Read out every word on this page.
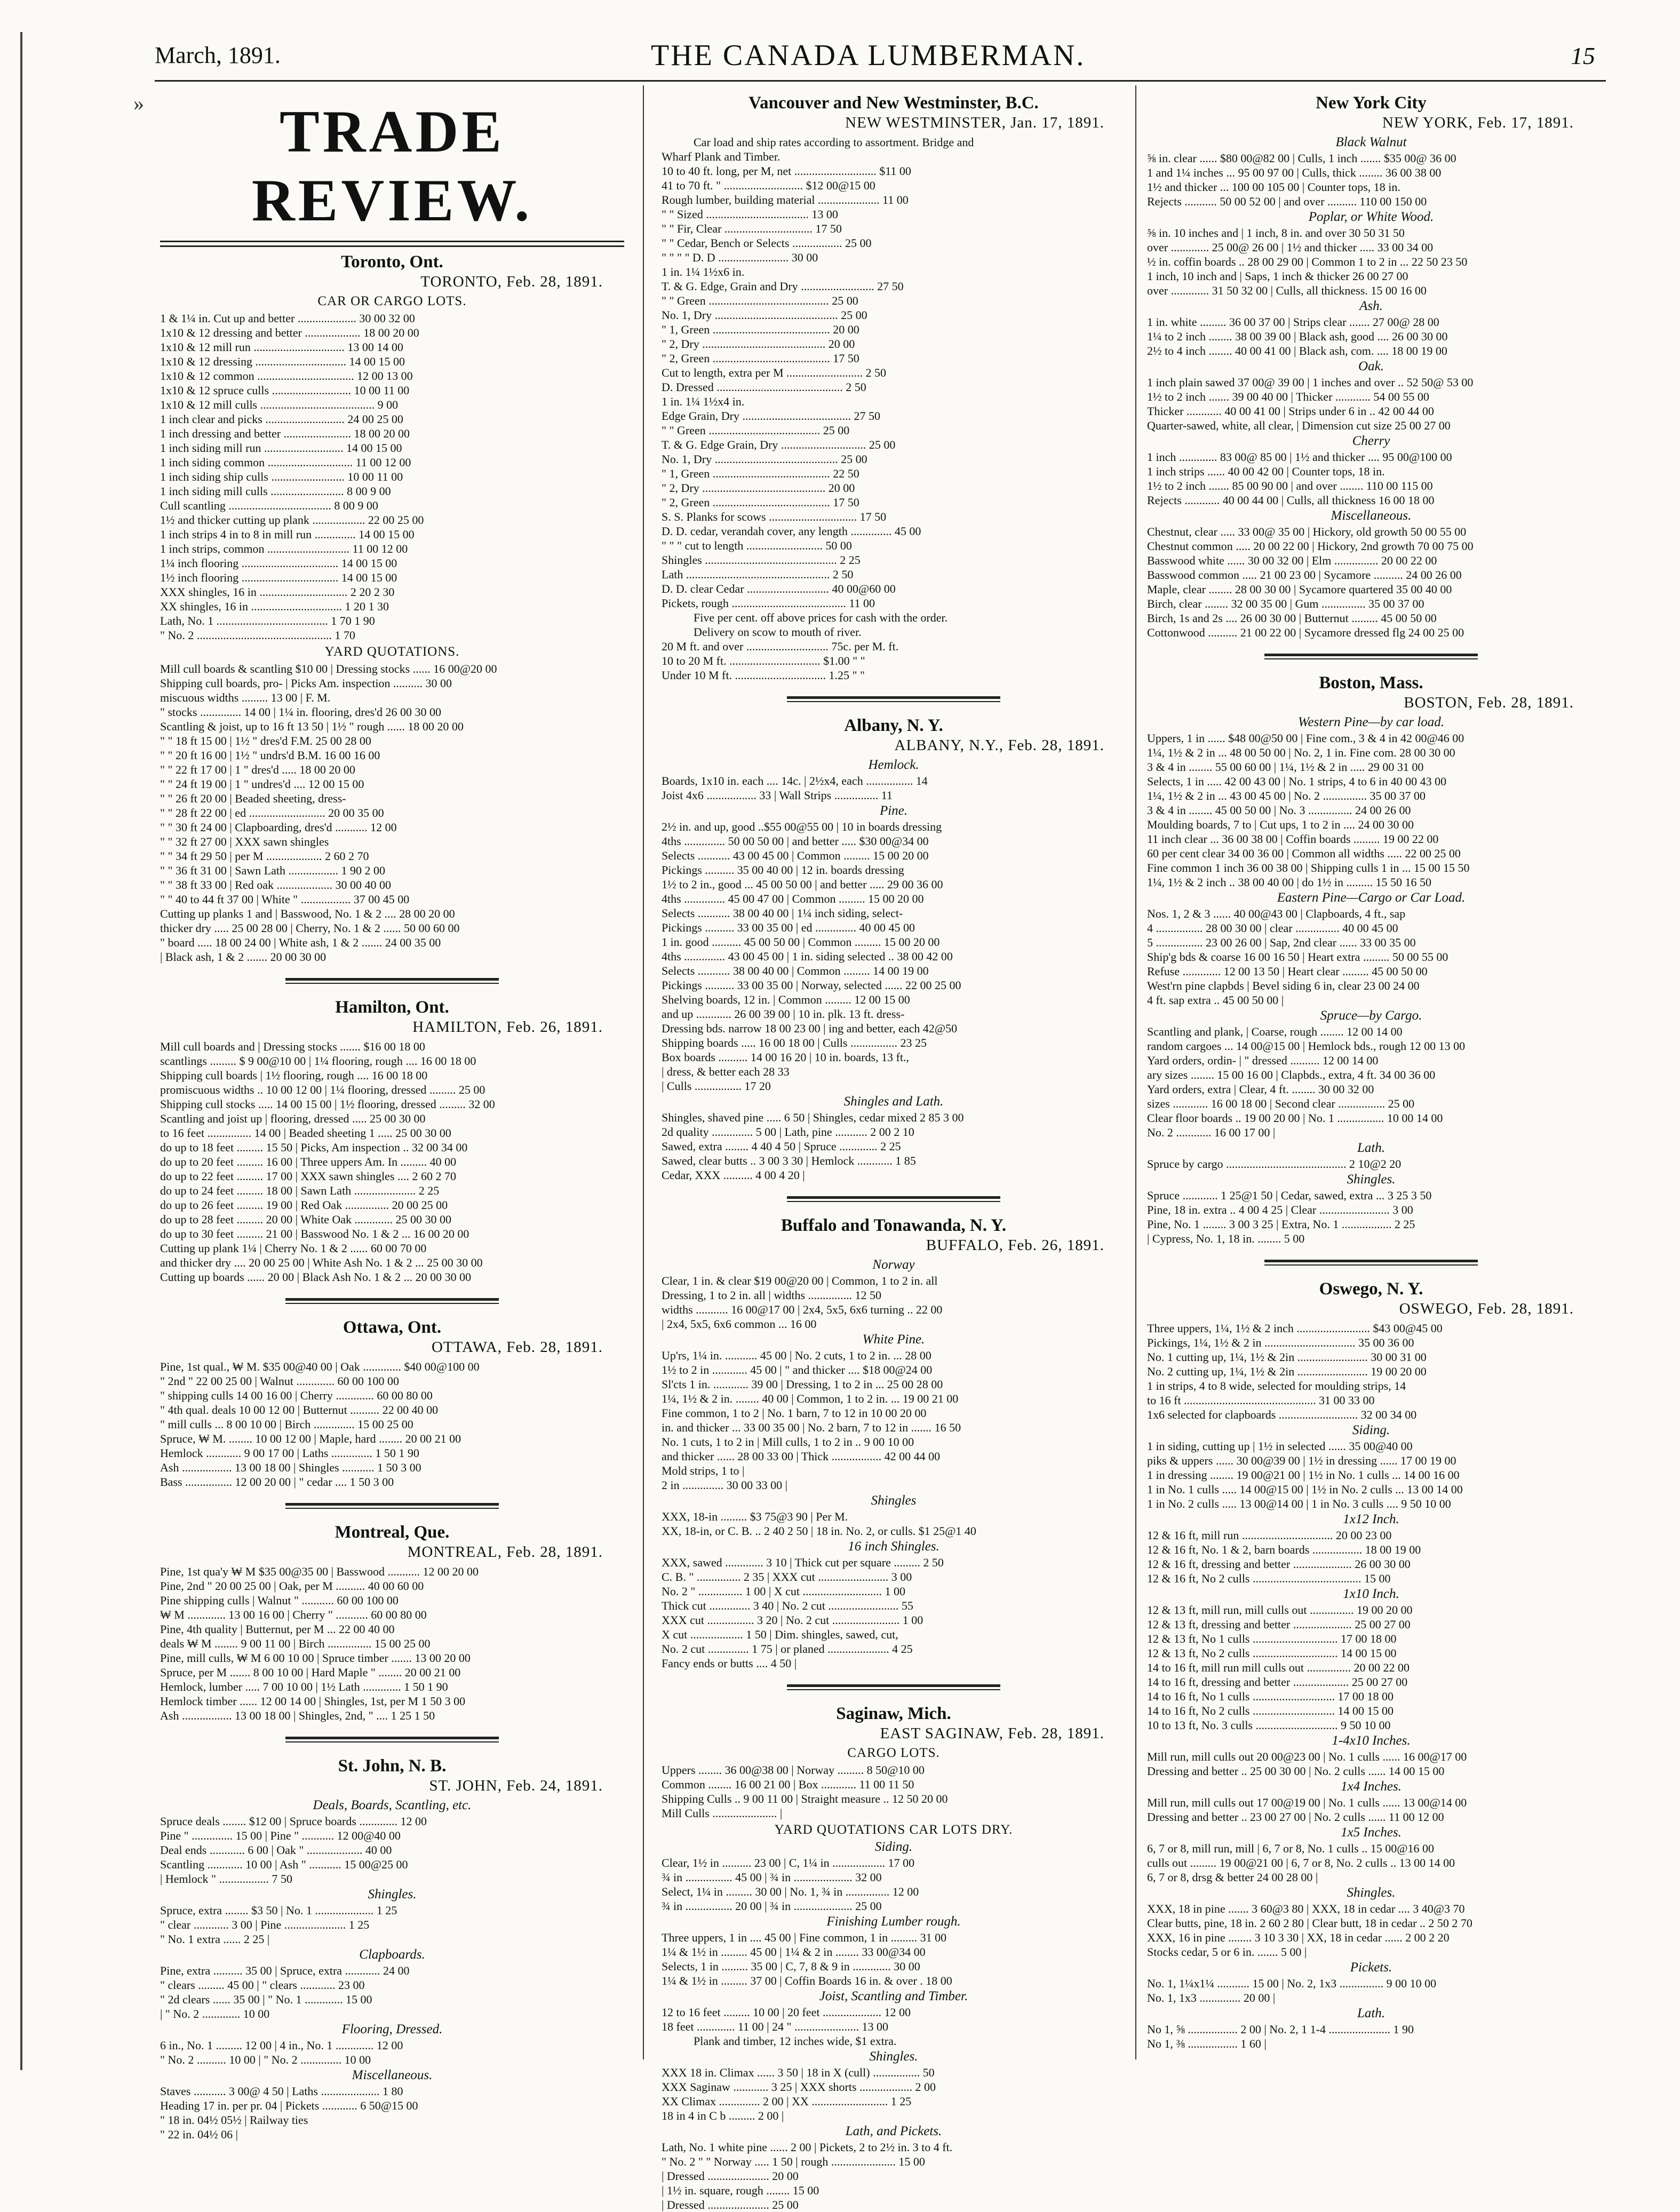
»
March, 1891.	THE CANADA LUMBERMAN.	15
TRADE REVIEW.
Toronto, Ont.
TORONTO, Feb. 28, 1891.
CAR OR CARGO LOTS.
1 & 1¼ in. Cut up and better .................... 30 00 32 00
1x10 & 12 dressing and better ................... 18 00 20 00
1x10 & 12 mill run ............................... 13 00 14 00
1x10 & 12 dressing ............................... 14 00 15 00
1x10 & 12 common ................................. 12 00 13 00
1x10 & 12 spruce culls ........................... 10 00 11 00
1x10 & 12 mill culls ....................................... 9 00
1 inch clear and picks ........................... 24 00 25 00
1 inch dressing and better ....................... 18 00 20 00
1 inch siding mill run ........................... 14 00 15 00
1 inch siding common ............................. 11 00 12 00
1 inch siding ship culls ......................... 10 00 11 00
1 inch siding mill culls ......................... 8 00 9 00
Cull scantling ................................... 8 00 9 00
1½ and thicker cutting up plank .................. 22 00 25 00
1 inch strips 4 in to 8 in mill run .............. 14 00 15 00
1 inch strips, common ............................ 11 00 12 00
1¼ inch flooring ................................. 14 00 15 00
1½ inch flooring ................................. 14 00 15 00
XXX shingles, 16 in .............................. 2 20 2 30
XX shingles, 16 in ............................... 1 20 1 30
Lath, No. 1 ...................................... 1 70 1 90
" No. 2 .............................................. 1 70
YARD QUOTATIONS.
Mill cull boards & scantling $10 00 | Dressing stocks ...... 16 00@20 00
Shipping cull boards, pro- | Picks Am. inspection .......... 30 00
miscuous widths ......... 13 00 | F. M.
" stocks .............. 14 00 | 1¼ in. flooring, dres'd 26 00 30 00
Scantling & joist, up to 16 ft 13 50 | 1½ " rough ...... 18 00 20 00
" " 18 ft 15 00 | 1½ " dres'd F.M. 25 00 28 00
" " 20 ft 16 00 | 1½ " undrs'd B.M. 16 00 16 00
" " 22 ft 17 00 | 1 " dres'd ..... 18 00 20 00
" " 24 ft 19 00 | 1 " undres'd .... 12 00 15 00
" " 26 ft 20 00 | Beaded sheeting, dress-
" " 28 ft 22 00 | ed .......................... 20 00 35 00
" " 30 ft 24 00 | Clapboarding, dres'd ........... 12 00
" " 32 ft 27 00 | XXX sawn shingles
" " 34 ft 29 50 | per M ................... 2 60 2 70
" " 36 ft 31 00 | Sawn Lath ................. 1 90 2 00
" " 38 ft 33 00 | Red oak ................... 30 00 40 00
" " 40 to 44 ft 37 00 | White " ................. 37 00 45 00
Cutting up planks 1 and | Basswood, No. 1 & 2 .... 28 00 20 00
thicker dry ..... 25 00 28 00 | Cherry, No. 1 & 2 ...... 50 00 60 00
" board ..... 18 00 24 00 | White ash, 1 & 2 ....... 24 00 35 00
| Black ash, 1 & 2 ....... 20 00 30 00
Hamilton, Ont.
HAMILTON, Feb. 26, 1891.
Mill cull boards and | Dressing stocks ....... $16 00 18 00
scantlings ......... $ 9 00@10 00 | 1¼ flooring, rough .... 16 00 18 00
Shipping cull boards | 1½ flooring, rough .... 16 00 18 00
promiscuous widths .. 10 00 12 00 | 1¼ flooring, dressed ......... 25 00
Shipping cull stocks ..... 14 00 15 00 | 1½ flooring, dressed ......... 32 00
Scantling and joist up | flooring, dressed ..... 25 00 30 00
to 16 feet ............... 14 00 | Beaded sheeting 1 ..... 25 00 30 00
do up to 18 feet ......... 15 50 | Picks, Am inspection .. 32 00 34 00
do up to 20 feet ......... 16 00 | Three uppers Am. In ......... 40 00
do up to 22 feet ......... 17 00 | XXX sawn shingles .... 2 60 2 70
do up to 24 feet ......... 18 00 | Sawn Lath ..................... 2 25
do up to 26 feet ......... 19 00 | Red Oak ............... 20 00 25 00
do up to 28 feet ......... 20 00 | White Oak ............. 25 00 30 00
do up to 30 feet ......... 21 00 | Basswood No. 1 & 2 ... 16 00 20 00
Cutting up plank 1¼ | Cherry No. 1 & 2 ...... 60 00 70 00
and thicker dry .... 20 00 25 00 | White Ash No. 1 & 2 ... 25 00 30 00
Cutting up boards ...... 20 00 | Black Ash No. 1 & 2 ... 20 00 30 00
Ottawa, Ont.
OTTAWA, Feb. 28, 1891.
Pine, 1st qual., ₩ M. $35 00@40 00 | Oak ............. $40 00@100 00
" 2nd " 22 00 25 00 | Walnut ............. 60 00 100 00
" shipping culls 14 00 16 00 | Cherry ............. 60 00 80 00
" 4th qual. deals 10 00 12 00 | Butternut .......... 22 00 40 00
" mill culls ... 8 00 10 00 | Birch .............. 15 00 25 00
Spruce, ₩ M. ........ 10 00 12 00 | Maple, hard ........ 20 00 21 00
Hemlock ............ 9 00 17 00 | Laths .............. 1 50 1 90
Ash ................. 13 00 18 00 | Shingles ........... 1 50 3 00
Bass ................ 12 00 20 00 | " cedar .... 1 50 3 00
Montreal, Que.
MONTREAL, Feb. 28, 1891.
Pine, 1st qua'y ₩ M $35 00@35 00 | Basswood ........... 12 00 20 00
Pine, 2nd " 20 00 25 00 | Oak, per M .......... 40 00 60 00
Pine shipping culls | Walnut " ........... 60 00 100 00
₩ M ............. 13 00 16 00 | Cherry " ........... 60 00 80 00
Pine, 4th quality | Butternut, per M ... 22 00 40 00
deals ₩ M ........ 9 00 11 00 | Birch ............... 15 00 25 00
Pine, mill culls, ₩ M 6 00 10 00 | Spruce timber ....... 13 00 20 00
Spruce, per M ....... 8 00 10 00 | Hard Maple " ........ 20 00 21 00
Hemlock, lumber ..... 7 00 10 00 | 1½ Lath ............. 1 50 1 90
Hemlock timber ...... 12 00 14 00 | Shingles, 1st, per M 1 50 3 00
Ash ................. 13 00 18 00 | Shingles, 2nd, " .... 1 25 1 50
St. John, N. B.
ST. JOHN, Feb. 24, 1891.
Deals, Boards, Scantling, etc.
Spruce deals ........ $12 00 | Spruce boards ............. 12 00
Pine " .............. 15 00 | Pine " ........... 12 00@40 00
Deal ends ............ 6 00 | Oak " ................... 40 00
Scantling ............ 10 00 | Ash " ........... 15 00@25 00
| Hemlock " ................. 7 50
Shingles.
Spruce, extra ........ $3 50 | No. 1 .................... 1 25
" clear ............ 3 00 | Pine ..................... 1 25
" No. 1 extra ...... 2 25 |
Clapboards.
Pine, extra .......... 35 00 | Spruce, extra ............ 24 00
" clears ......... 45 00 | " clears ............ 23 00
" 2d clears ...... 35 00 | " No. 1 ............. 15 00
| " No. 2 ............. 10 00
Flooring, Dressed.
6 in., No. 1 ......... 12 00 | 4 in., No. 1 ............. 12 00
" No. 2 .......... 10 00 | " No. 2 .............. 10 00
Miscellaneous.
Staves ........... 3 00@ 4 50 | Laths .................... 1 80
Heading 17 in. per pr. 04 | Pickets ............ 6 50@15 00
" 18 in. 04½ 05½ | Railway ties
" 22 in. 04½ 06 |
Vancouver and New Westminster, B.C.
NEW WESTMINSTER, Jan. 17, 1891.
Car load and ship rates according to assortment. Bridge and
Wharf Plank and Timber.
10 to 40 ft. long, per M, net ............................ $11 00
41 to 70 ft. " ........................... $12 00@15 00
Rough lumber, building material ..................... 11 00
" " Sized ................................... 13 00
" " Fir, Clear .............................. 17 50
" " Cedar, Bench or Selects ................. 25 00
" " " " D. D ........................ 30 00
1 in. 1¼ 1½x6 in.
T. & G. Edge, Grain and Dry ......................... 27 50
" " Green ......................................... 25 00
No. 1, Dry .......................................... 25 00
" 1, Green ........................................ 20 00
" 2, Dry .......................................... 20 00
" 2, Green ........................................ 17 50
Cut to length, extra per M .......................... 2 50
D. Dressed ........................................... 2 50
1 in. 1¼ 1½x4 in.
Edge Grain, Dry ..................................... 27 50
" " Green ...................................... 25 00
T. & G. Edge Grain, Dry ............................. 25 00
No. 1, Dry .......................................... 25 00
" 1, Green ........................................ 22 50
" 2, Dry .......................................... 20 00
" 2, Green ........................................ 17 50
S. S. Planks for scows .............................. 17 50
D. D. cedar, verandah cover, any length .............. 45 00
" " " cut to length .......................... 50 00
Shingles ............................................. 2 25
Lath ................................................. 2 50
D. D. clear Cedar ............................ 40 00@60 00
Pickets, rough ....................................... 11 00
Five per cent. off above prices for cash with the order.
Delivery on scow to mouth of river.
20 M ft. and over ............................ 75c. per M. ft.
10 to 20 M ft. ............................... $1.00 " "
Under 10 M ft. ............................... 1.25 " "
Albany, N. Y.
ALBANY, N.Y., Feb. 28, 1891.
Hemlock.
Boards, 1x10 in. each .... 14c. | 2½x4, each ................ 14
Joist 4x6 ................. 33 | Wall Strips ............... 11
Pine.
2½ in. and up, good ..$55 00@55 00 | 10 in boards dressing
4ths .............. 50 00 50 00 | and better ..... $30 00@34 00
Selects ........... 43 00 45 00 | Common ......... 15 00 20 00
Pickings .......... 35 00 40 00 | 12 in. boards dressing
1½ to 2 in., good ... 45 00 50 00 | and better ..... 29 00 36 00
4ths .............. 45 00 47 00 | Common ......... 15 00 20 00
Selects ........... 38 00 40 00 | 1¼ inch siding, select-
Pickings .......... 33 00 35 00 | ed .............. 40 00 45 00
1 in. good .......... 45 00 50 00 | Common ......... 15 00 20 00
4ths .............. 43 00 45 00 | 1 in. siding selected .. 38 00 42 00
Selects ........... 38 00 40 00 | Common ......... 14 00 19 00
Pickings .......... 33 00 35 00 | Norway, selected ...... 22 00 25 00
Shelving boards, 12 in. | Common ......... 12 00 15 00
and up ............ 26 00 39 00 | 10 in. plk. 13 ft. dress-
Dressing bds. narrow 18 00 23 00 | ing and better, each 42@50
Shipping boards ..... 16 00 18 00 | Culls ................ 23 25
Box boards .......... 14 00 16 20 | 10 in. boards, 13 ft.,
| dress, & better each 28 33
| Culls ................ 17 20
Shingles and Lath.
Shingles, shaved pine ..... 6 50 | Shingles, cedar mixed 2 85 3 00
2d quality .............. 5 00 | Lath, pine ........... 2 00 2 10
Sawed, extra ........ 4 40 4 50 | Spruce ............. 2 25
Sawed, clear butts .. 3 00 3 30 | Hemlock ............ 1 85
Cedar, XXX .......... 4 00 4 20 |
Buffalo and Tonawanda, N. Y.
BUFFALO, Feb. 26, 1891.
Norway
Clear, 1 in. & clear $19 00@20 00 | Common, 1 to 2 in. all
Dressing, 1 to 2 in. all | widths ............... 12 50
widths ........... 16 00@17 00 | 2x4, 5x5, 6x6 turning .. 22 00
| 2x4, 5x5, 6x6 common ... 16 00
White Pine.
Up'rs, 1¼ in. ........... 45 00 | No. 2 cuts, 1 to 2 in. ... 28 00
1½ to 2 in ............ 45 00 | " and thicker .... $18 00@24 00
Sl'cts 1 in. ............ 39 00 | Dressing, 1 to 2 in ... 25 00 28 00
1¼, 1½ & 2 in. ........ 40 00 | Common, 1 to 2 in. ... 19 00 21 00
Fine common, 1 to 2 | No. 1 barn, 7 to 12 in 10 00 20 00
in. and thicker ... 33 00 35 00 | No. 2 barn, 7 to 12 in ....... 16 50
No. 1 cuts, 1 to 2 in | Mill culls, 1 to 2 in .. 9 00 10 00
and thicker ...... 28 00 33 00 | Thick ................. 42 00 44 00
Mold strips, 1 to |
2 in .............. 30 00 33 00 |
Shingles
XXX, 18-in ......... $3 75@3 90 | Per M.
XX, 18-in, or C. B. .. 2 40 2 50 | 18 in. No. 2, or culls. $1 25@1 40
16 inch Shingles.
XXX, sawed ............. 3 10 | Thick cut per square ......... 2 50
C. B. " ............... 2 35 | XXX cut ........................ 3 00
No. 2 " ............... 1 00 | X cut ........................... 1 00
Thick cut .............. 3 40 | No. 2 cut ........................ 55
XXX cut ................ 3 20 | No. 2 cut ....................... 1 00
X cut .................. 1 50 | Dim. shingles, sawed, cut,
No. 2 cut .............. 1 75 | or planed ..................... 4 25
Fancy ends or butts .... 4 50 |
Saginaw, Mich.
EAST SAGINAW, Feb. 28, 1891.
CARGO LOTS.
Uppers ........ 36 00@38 00 | Norway ......... 8 50@10 00
Common ........ 16 00 21 00 | Box ............ 11 00 11 50
Shipping Culls .. 9 00 11 00 | Straight measure .. 12 50 20 00
Mill Culls ...................... |
YARD QUOTATIONS CAR LOTS DRY.
Siding.
Clear, 1½ in .......... 23 00 | C, 1¼ in .................. 17 00
¾ in ................ 45 00 | ¾ in .................... 32 00
Select, 1¼ in ......... 30 00 | No. 1, ¾ in ............... 12 00
¾ in ................ 20 00 | ¾ in .................... 25 00
Finishing Lumber rough.
Three uppers, 1 in .... 45 00 | Fine common, 1 in ......... 31 00
1¼ & 1½ in ......... 45 00 | 1¼ & 2 in ........ 33 00@34 00
Selects, 1 in ......... 35 00 | C, 7, 8 & 9 in ............. 30 00
1¼ & 1½ in ......... 37 00 | Coffin Boards 16 in. & over . 18 00
Joist, Scantling and Timber.
12 to 16 feet ......... 10 00 | 20 feet .................... 12 00
18 feet ............. 11 00 | 24 " ...................... 13 00
Plank and timber, 12 inches wide, $1 extra.
Shingles.
XXX 18 in. Climax ...... 3 50 | 18 in X (cull) ................ 50
XXX Saginaw ............ 3 25 | XXX shorts .................. 2 00
XX Climax .............. 2 00 | XX .......................... 1 25
18 in 4 in C b ......... 2 00 |
Lath, and Pickets.
Lath, No. 1 white pine ...... 2 00 | Pickets, 2 to 2½ in. 3 to 4 ft.
" No. 2 " " Norway ..... 1 50 | rough ...................... 15 00
| Dressed ..................... 20 00
| 1½ in. square, rough ........ 15 00
| Dressed ..................... 25 00
New York City
NEW YORK, Feb. 17, 1891.
Black Walnut
⅝ in. clear ...... $80 00@82 00 | Culls, 1 inch ....... $35 00@ 36 00
1 and 1¼ inches ... 95 00 97 00 | Culls, thick ........ 36 00 38 00
1½ and thicker ... 100 00 105 00 | Counter tops, 18 in.
Rejects ........... 50 00 52 00 | and over .......... 110 00 150 00
Poplar, or White Wood.
⅝ in. 10 inches and | 1 inch, 8 in. and over 30 50 31 50
over ............. 25 00@ 26 00 | 1½ and thicker ..... 33 00 34 00
½ in. coffin boards .. 28 00 29 00 | Common 1 to 2 in ... 22 50 23 50
1 inch, 10 inch and | Saps, 1 inch & thicker 26 00 27 00
over ............. 31 50 32 00 | Culls, all thickness. 15 00 16 00
Ash.
1 in. white ......... 36 00 37 00 | Strips clear ....... 27 00@ 28 00
1¼ to 2 inch ........ 38 00 39 00 | Black ash, good .... 26 00 30 00
2½ to 4 inch ........ 40 00 41 00 | Black ash, com. .... 18 00 19 00
Oak.
1 inch plain sawed 37 00@ 39 00 | 1 inches and over .. 52 50@ 53 00
1½ to 2 inch ....... 39 00 40 00 | Thicker ............ 54 00 55 00
Thicker ............ 40 00 41 00 | Strips under 6 in .. 42 00 44 00
Quarter-sawed, white, all clear, | Dimension cut size 25 00 27 00
Cherry
1 inch ............. 83 00@ 85 00 | 1½ and thicker .... 95 00@100 00
1 inch strips ...... 40 00 42 00 | Counter tops, 18 in.
1½ to 2 inch ....... 85 00 90 00 | and over ........ 110 00 115 00
Rejects ............ 40 00 44 00 | Culls, all thickness 16 00 18 00
Miscellaneous.
Chestnut, clear ..... 33 00@ 35 00 | Hickory, old growth 50 00 55 00
Chestnut common ..... 20 00 22 00 | Hickory, 2nd growth 70 00 75 00
Basswood white ...... 30 00 32 00 | Elm ............... 20 00 22 00
Basswood common ..... 21 00 23 00 | Sycamore .......... 24 00 26 00
Maple, clear ........ 28 00 30 00 | Sycamore quartered 35 00 40 00
Birch, clear ........ 32 00 35 00 | Gum ............... 35 00 37 00
Birch, 1s and 2s .... 26 00 30 00 | Butternut ......... 45 00 50 00
Cottonwood .......... 21 00 22 00 | Sycamore dressed flg 24 00 25 00
Boston, Mass.
BOSTON, Feb. 28, 1891.
Western Pine—by car load.
Uppers, 1 in ...... $48 00@50 00 | Fine com., 3 & 4 in 42 00@46 00
1¼, 1½ & 2 in ... 48 00 50 00 | No. 2, 1 in. Fine com. 28 00 30 00
3 & 4 in ........ 55 00 60 00 | 1¼, 1½ & 2 in ..... 29 00 31 00
Selects, 1 in ..... 42 00 43 00 | No. 1 strips, 4 to 6 in 40 00 43 00
1¼, 1½ & 2 in ... 43 00 45 00 | No. 2 ............... 35 00 37 00
3 & 4 in ........ 45 00 50 00 | No. 3 ............... 24 00 26 00
Moulding boards, 7 to | Cut ups, 1 to 2 in .... 24 00 30 00
11 inch clear ... 36 00 38 00 | Coffin boards ......... 19 00 22 00
60 per cent clear 34 00 36 00 | Common all widths ..... 22 00 25 00
Fine common 1 inch 36 00 38 00 | Shipping culls 1 in ... 15 00 15 50
1¼, 1½ & 2 inch .. 38 00 40 00 | do 1½ in ......... 15 50 16 50
Eastern Pine—Cargo or Car Load.
Nos. 1, 2 & 3 ...... 40 00@43 00 | Clapboards, 4 ft., sap
4 ................ 28 00 30 00 | clear ............... 40 00 45 00
5 ................ 23 00 26 00 | Sap, 2nd clear ...... 33 00 35 00
Ship'g bds & coarse 16 00 16 50 | Heart extra ......... 50 00 55 00
Refuse ............. 12 00 13 50 | Heart clear ......... 45 00 50 00
West'rn pine clapbds | Bevel siding 6 in, clear 23 00 24 00
4 ft. sap extra .. 45 00 50 00 |
Spruce—by Cargo.
Scantling and plank, | Coarse, rough ........ 12 00 14 00
random cargoes ... 14 00@15 00 | Hemlock bds., rough 12 00 13 00
Yard orders, ordin- | " dressed .......... 12 00 14 00
ary sizes ........ 15 00 16 00 | Clapbds., extra, 4 ft. 34 00 36 00
Yard orders, extra | Clear, 4 ft. ........ 30 00 32 00
sizes ............ 16 00 18 00 | Second clear ................ 25 00
Clear floor boards .. 19 00 20 00 | No. 1 ................ 10 00 14 00
No. 2 ............ 16 00 17 00 |
Lath.
Spruce by cargo ......................................... 2 10@2 20
Shingles.
Spruce ............ 1 25@1 50 | Cedar, sawed, extra ... 3 25 3 50
Pine, 18 in. extra .. 4 00 4 25 | Clear ........................ 3 00
Pine, No. 1 ........ 3 00 3 25 | Extra, No. 1 ................. 2 25
| Cypress, No. 1, 18 in. ........ 5 00
Oswego, N. Y.
OSWEGO, Feb. 28, 1891.
Three uppers, 1¼, 1½ & 2 inch ......................... $43 00@45 00
Pickings, 1¼, 1½ & 2 in ............................... 35 00 36 00
No. 1 cutting up, 1¼, 1½ & 2in ........................ 30 00 31 00
No. 2 cutting up, 1¼, 1½ & 2in ........................ 19 00 20 00
1 in strips, 4 to 8 wide, selected for moulding strips, 14
to 16 ft ............................................. 31 00 33 00
1x6 selected for clapboards ........................... 32 00 34 00
Siding.
1 in siding, cutting up | 1½ in selected ...... 35 00@40 00
piks & uppers ...... 30 00@39 00 | 1½ in dressing ...... 17 00 19 00
1 in dressing ........ 19 00@21 00 | 1½ in No. 1 culls ... 14 00 16 00
1 in No. 1 culls ..... 14 00@15 00 | 1½ in No. 2 culls ... 13 00 14 00
1 in No. 2 culls ..... 13 00@14 00 | 1 in No. 3 culls .... 9 50 10 00
1x12 Inch.
12 & 16 ft, mill run ............................... 20 00 23 00
12 & 16 ft, No. 1 & 2, barn boards ................. 18 00 19 00
12 & 16 ft, dressing and better .................... 26 00 30 00
12 & 16 ft, No 2 culls ..................................... 15 00
1x10 Inch.
12 & 13 ft, mill run, mill culls out ............... 19 00 20 00
12 & 13 ft, dressing and better .................... 25 00 27 00
12 & 13 ft, No 1 culls ............................. 17 00 18 00
12 & 13 ft, No 2 culls ............................. 14 00 15 00
14 to 16 ft, mill run mill culls out ............... 20 00 22 00
14 to 16 ft, dressing and better ................... 25 00 27 00
14 to 16 ft, No 1 culls ............................ 17 00 18 00
14 to 16 ft, No 2 culls ............................ 14 00 15 00
10 to 13 ft, No. 3 culls ............................ 9 50 10 00
1-4x10 Inches.
Mill run, mill culls out 20 00@23 00 | No. 1 culls ...... 16 00@17 00
Dressing and better .. 25 00 30 00 | No. 2 culls ...... 14 00 15 00
1x4 Inches.
Mill run, mill culls out 17 00@19 00 | No. 1 culls ...... 13 00@14 00
Dressing and better .. 23 00 27 00 | No. 2 culls ...... 11 00 12 00
1x5 Inches.
6, 7 or 8, mill run, mill | 6, 7 or 8, No. 1 culls .. 15 00@16 00
culls out ......... 19 00@21 00 | 6, 7 or 8, No. 2 culls .. 13 00 14 00
6, 7 or 8, drsg & better 24 00 28 00 |
Shingles.
XXX, 18 in pine ....... 3 60@3 80 | XXX, 18 in cedar .... 3 40@3 70
Clear butts, pine, 18 in. 2 60 2 80 | Clear butt, 18 in cedar .. 2 50 2 70
XXX, 16 in pine ........ 3 10 3 30 | XX, 18 in cedar ...... 2 00 2 20
Stocks cedar, 5 or 6 in. ....... 5 00 |
Pickets.
No. 1, 1¼x1¼ ........... 15 00 | No. 2, 1x3 ............... 9 00 10 00
No. 1, 1x3 .............. 20 00 |
Lath.
No 1, ⅝ ................. 2 00 | No. 2, 1 1-4 ..................... 1 90
No 1, ⅜ ................. 1 60 |
